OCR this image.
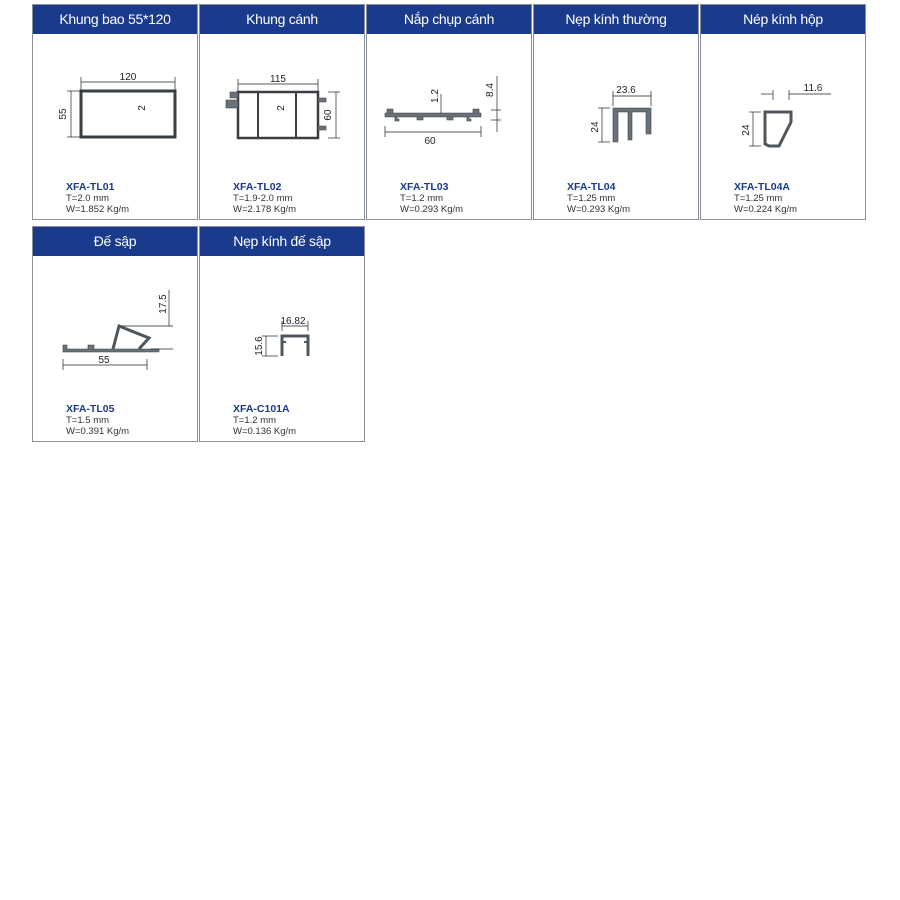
Khung bao 55*120
120
55
2
XFA-TL01
T=2.0 mm
W=1.852 Kg/m
Khung cánh
115
60
2
XFA-TL02
T=1.9-2.0 mm
W=2.178 Kg/m
Nắp chụp cánh
60
1.2	8.4
XFA-TL03
T=1.2 mm
W=0.293 Kg/m
Nẹp kính thường
23.6
24
XFA-TL04
T=1.25 mm
W=0.293 Kg/m
Nép kính hộp
11.6
24
XFA-TL04A
T=1.25 mm
W=0.224 Kg/m
Đế sập
55
17.5
XFA-TL05
T=1.5 mm
W=0.391 Kg/m
Nẹp kính đế sập
16.82
15.6
XFA-C101A
T=1.2 mm
W=0.136 Kg/m
